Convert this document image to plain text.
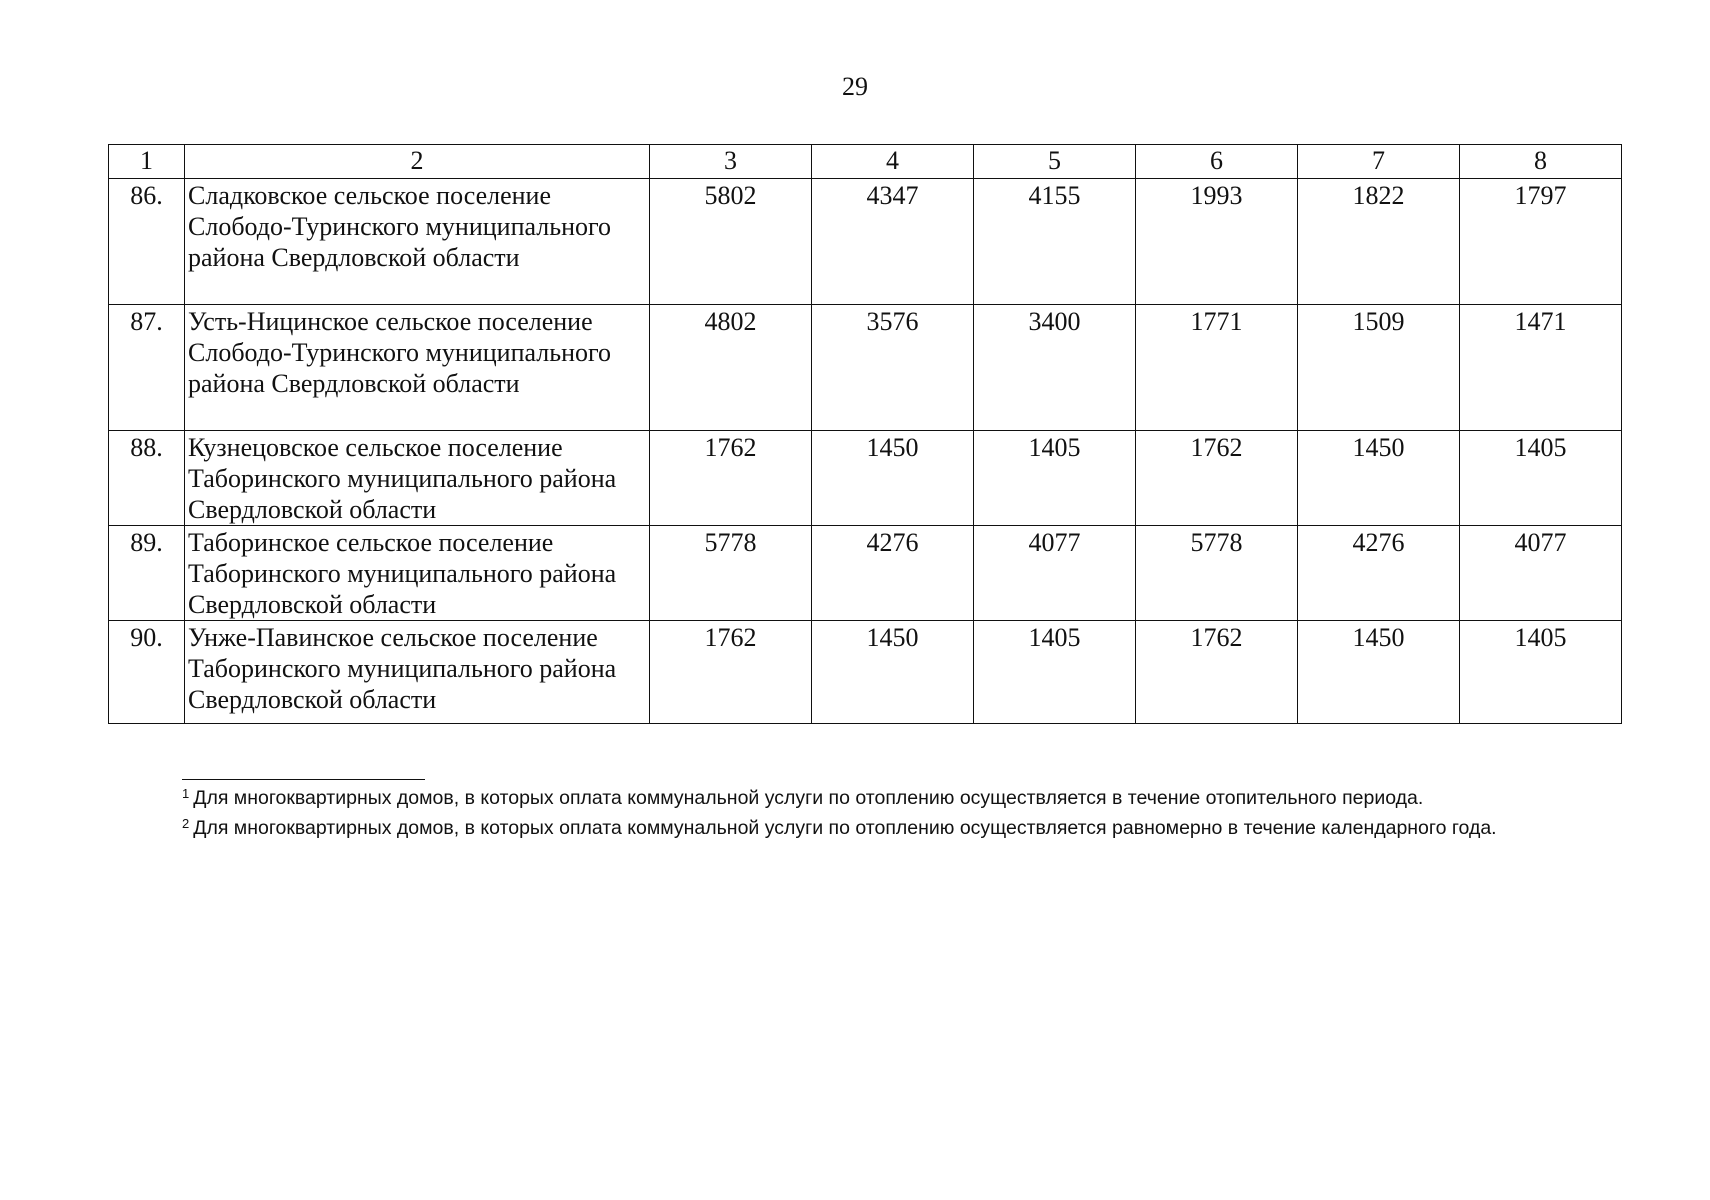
29
1	2	3	4	5	6	7	8
86.	Сладковское сельское поселение Слободо-Туринского муниципального района Свердловской области	5802	4347	4155	1993	1822	1797
87.	Усть-Ницинское сельское поселение Слободо-Туринского муниципального района Свердловской области	4802	3576	3400	1771	1509	1471
88.	Кузнецовское сельское поселение Таборинского муниципального района Свердловской области	1762	1450	1405	1762	1450	1405
89.	Таборинское сельское поселение Таборинского муниципального района Свердловской области	5778	4276	4077	5778	4276	4077
90.	Унже-Павинское сельское поселение Таборинского муниципального района Свердловской области	1762	1450	1405	1762	1450	1405

$^1$ Для многоквартирных домов, в которых оплата коммунальной услуги по отоплению осуществляется в течение отопительного периода.

$^2$ Для многоквартирных домов, в которых оплата коммунальной услуги по отоплению осуществляется равномерно в течение календарного года.
